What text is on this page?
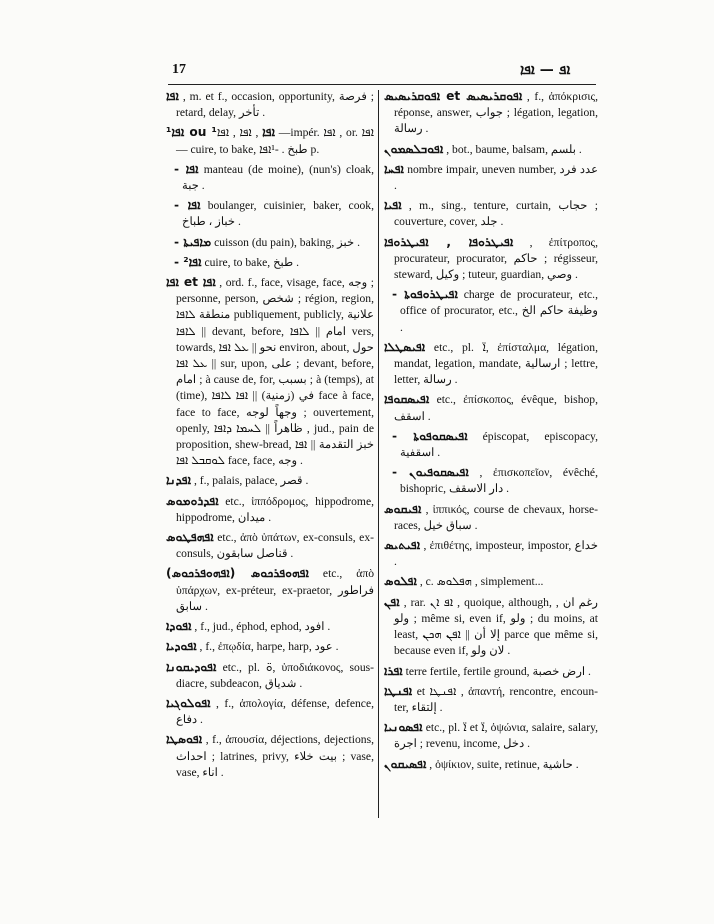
17	ܐܦ — ܐܦܐ
ܐܦܐ , m. et f., occasion, opportunity, فرصة ; retard, delay, تأخر .
¹ܐܦܐ ou ¹ܐܦܐ , ܐܦܐ , ܐܦܐ —impér. ܐܦܐ , or. ܐܦܐ — cuire, to bake, طبخ . -¹ܐܦܐ p.
- ܐܦܐ manteau (de moine), (nun's) cloak, جبة .
- ܐܦܐ boulanger, cuisinier, baker, cook, خباز ، طباخ .
- ܡܐܦܝܬܐ cuisson (du pain), baking, خبز .
- ²ܐܦܐ cuire, to bake, طبخ .
ܐܦܐ et ܐܦܐ , ord. f., face, visage, face, وجه ; personne, person, شخص ; région, region, منطقة ܠܐܦܐ publiquement, publicly, علانية || ܠܐܦܐ devant, before, امام || ܠܐܦܐ vers, towards, نحو || ܥܠ ܐܦܐ environ, about, حول || ܥܠ ܐܦܐ sur, upon, على ; devant, before, امام ; à cause de, for, بسبب ; à (temps), at (time), في (زمنية) || ܐܦܐ ܠܐܦܐ face à face, face to face, وجهاً لوجه ; ouvertement, openly, ظاهراً || ܠܚܡܐ ܕܐܦܐ , jud., pain de proposition, shew-bread, خبز التقدمة || ܐܦܐ ܠܘܩܒܠ ܐܦܐ face, face, وجه .
ܐܦܕܢܐ , f., palais, palace, قصر .
ܐܦܕܪܘܡܘܣ etc., ἱππόδρομος, hippodrome, hippodrome, ميدان .
ܐܦܗܦܛܘܣ etc., ἀπὸ ὑπάτων, ex-consuls, ex-consuls, قناصل سابقون .
(ܐܦܗܘܦܪܟܘܣ) ܐܦܗܘܦܪܟܘܣ etc., ἀπὸ ὑπάρχων, ex-préteur, ex-praetor, فراطور سابق .
ܐܦܘܕܐ , f., jud., éphod, ephod, افود .
ܐܦܘܕܝܐ , f., ἐπῳδία, harpe, harp, عود .
ܐܦܘܕܝܩܘܢܐ etc., pl. ܘ̈, ὑποδιάκονος, sous-diacre, subdeacon, شدياق .
ܐܦܘܠܘܓܝܐ , f., ἀπολογία, défense, defence, دفاع .
ܐܦܘܣܛܐ , f., ἀπουσία, déjections, dejections, احداث ; latrines, privy, بيت خلاء ; vase, vase, اناء .
ܐܦܘܩܪܝܣܝܣ et ܐܦܘܩܪܝܣܝܣ , f., ἀπόκρισις, réponse, answer, جواب ; légation, legation, رسالة .
ܐܦܘܒܠܣܡܘܢ , bot., baume, balsam, بلسم .
ܐܦܚܐ nombre impair, uneven number, عدد فرد .
ܐܦܝܐ , m., sing., tenture, curtain, حجاب ; couverture, cover, جلد .
ܐܦܝܛܪܘܦܐ , ܐܦܝܛܪܘܦܐ , ἐπίτροπος, procurateur, procurator, حاكم ; régisseur, steward, وكيل ; tuteur, guardian, وصي .
- ܐܦܝܛܪܘܦܘܬܐ charge de procurateur, etc., office of procurator, etc., وظيفة حاكم الخ .
ܐܦܝܣܛܠܐ etc., pl. ܐ̈, ἐπίσταλμα, légation, mandat, legation, mandate, ارسالية ; lettre, letter, رسالة .
ܐܦܝܣܩܘܦܐ etc., ἐπίσκοπος, évêque, bishop, اسقف .
- ܐܦܝܣܩܘܦܘܬܐ épiscopat, episcopacy, اسقفية .
- ܐܦܝܣܩܘܦܝܘܢ , ἐπισκοπεῖον, évêché, bishopric, دار الاسقف .
ܐܦܝܩܘܣ , ἱππικός, course de chevaux, horse-races, سباق خيل .
ܐܦܝܬܝܣ , ἐπιθέτης, imposteur, impostor, خداع .
ܐܦܠܘܣ , c. ܗܦܠܘܣ , simplement...
ܐܦܢ , rar. ܐܦ ܐܢ , quoique, although, رغم ان , ولو ; même si, even if, ولو ; du moins, at least, إلا أن || ܐܦܢ ܗܟܢ parce que même si, because even if, لان ولو .
ܐܦܪܐ terre fertile, fertile ground, ارض خصبة .
ܐܦܢܛܐ et ܐܦܢܛܐ , ἀπαντή, rencontre, encounter, إلتقاء .
ܐܦܣܘܢܝܐ etc., pl. ܐ̈ et ܐ̈, ὀψώνια, salaire, salary, اجرة ; revenu, income, دخل .
ܐܦܣܝܩܘܢ , ὀψίκιον, suite, retinue, حاشية .
